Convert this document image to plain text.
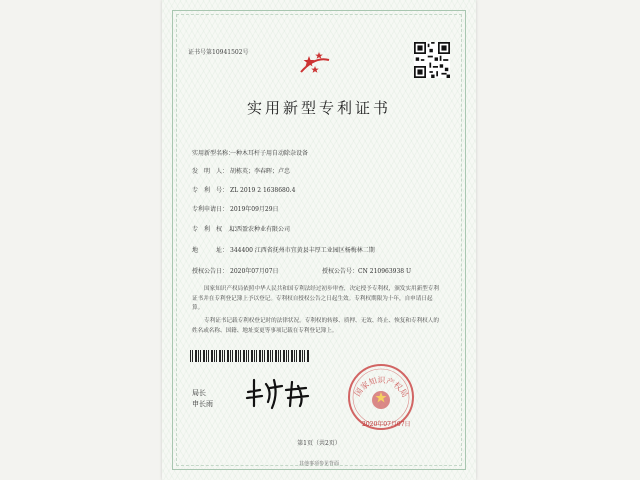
证书号第10941502号
实用新型专利证书
实用新型名称：一种木耳杆子用自动除杂设备
发　明　人： 胡栋英；李春晖；卢忠
专　利　号： ZL 2019 2 1638680.4
专利申请日： 2019年09月29日
专　利　权　人：江西盈农种业有限公司
地　　　址： 344400 江西省抚州市宜黄县丰厚工业园区杨梅林二期
授权公告日： 2020年07月07日	授权公告号：CN 210963938 U
国家知识产权局依照中华人民共和国专利法经过初步审查，决定授予专利权，颁发实用新型专利证书并在专利登记簿上予以登记。专利权自授权公告之日起生效。专利权期限为十年，自申请日起算。
专利证书记载专利权登记时的法律状况。专利权的转移、质押、无效、终止、恢复和专利权人的姓名或名称、国籍、地址变更等事项记载在专利登记簿上。
局长
申长雨
国家知识产权局
2020年07月07日
第1页（共2页）
其他事项参见背面
